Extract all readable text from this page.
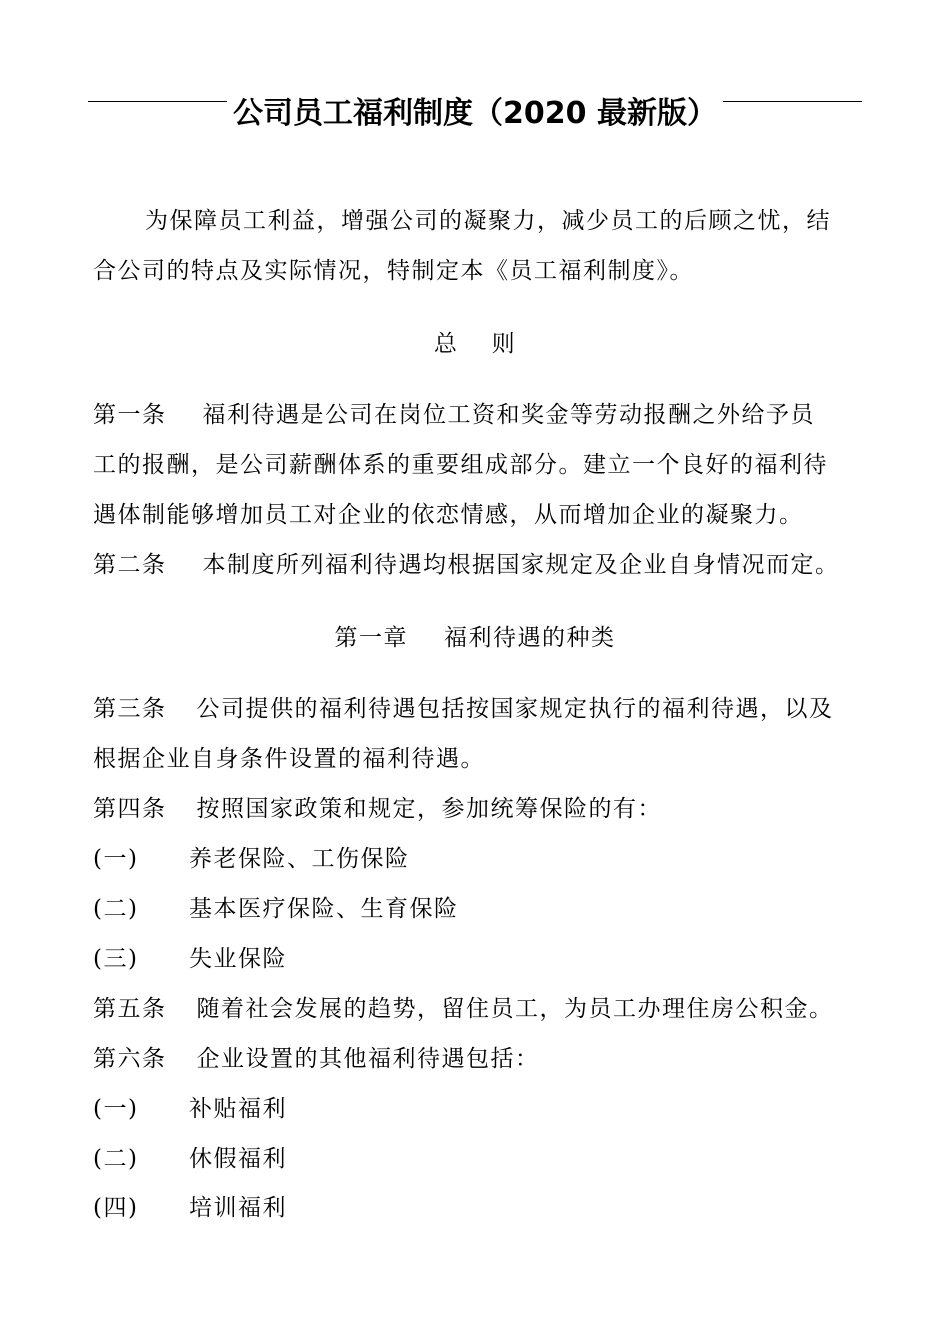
公司员工福利制度（2020 最新版）
为保障员工利益，增强公司的凝聚力，减少员工的后顾之忧，结
合公司的特点及实际情况，特制定本《员工福利制度》。
总　 则
第一条 福利待遇是公司在岗位工资和奖金等劳动报酬之外给予员
工的报酬，是公司薪酬体系的重要组成部分。建立一个良好的福利待
遇体制能够增加员工对企业的依恋情感，从而增加企业的凝聚力。
第二条 本制度所列福利待遇均根据国家规定及企业自身情况而定。
第一章 福利待遇的种类
第三条 公司提供的福利待遇包括按国家规定执行的福利待遇，以及
根据企业自身条件设置的福利待遇。
第四条 按照国家政策和规定，参加统筹保险的有：
(一) 养老保险、工伤保险
(二) 基本医疗保险、生育保险
(三) 失业保险
第五条 随着社会发展的趋势，留住员工，为员工办理住房公积金。
第六条 企业设置的其他福利待遇包括：
(一) 补贴福利
(二) 休假福利
(四) 培训福利
